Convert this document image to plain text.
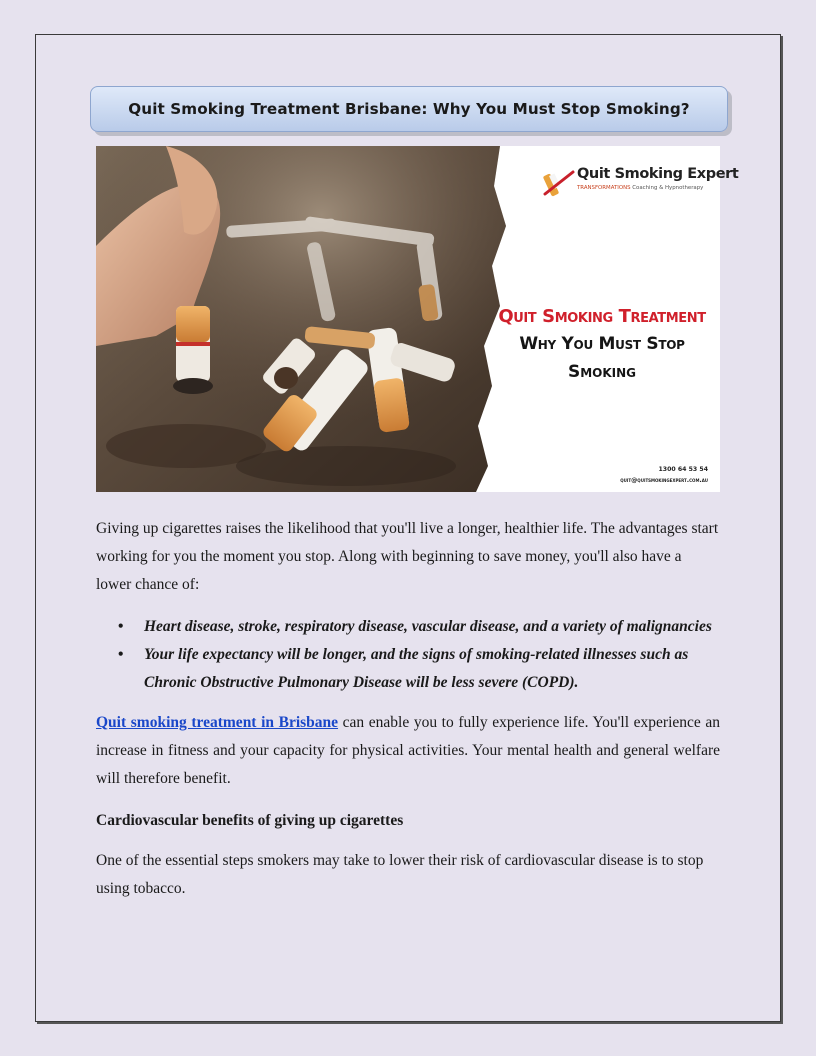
Quit Smoking Treatment Brisbane: Why You Must Stop Smoking?
Quit Smoking Expert
TRANSFORMATIONS Coaching & Hypnotherapy
Quit Smoking Treatment
Why You Must Stop
Smoking
1300 64 53 54
quit@quitsmokingexpert.com.au

Giving up cigarettes raises the likelihood that you'll live a longer, healthier life. The advantages start working for you the moment you stop. Along with beginning to save money, you'll also have a lower chance of:

• Heart disease, stroke, respiratory disease, vascular disease, and a variety of malignancies
• Your life expectancy will be longer, and the signs of smoking-related illnesses such as Chronic Obstructive Pulmonary Disease will be less severe (COPD).

Quit smoking treatment in Brisbane can enable you to fully experience life. You'll experience an increase in fitness and your capacity for physical activities. Your mental health and general welfare will therefore benefit.

Cardiovascular benefits of giving up cigarettes

One of the essential steps smokers may take to lower their risk of cardiovascular disease is to stop using tobacco.
